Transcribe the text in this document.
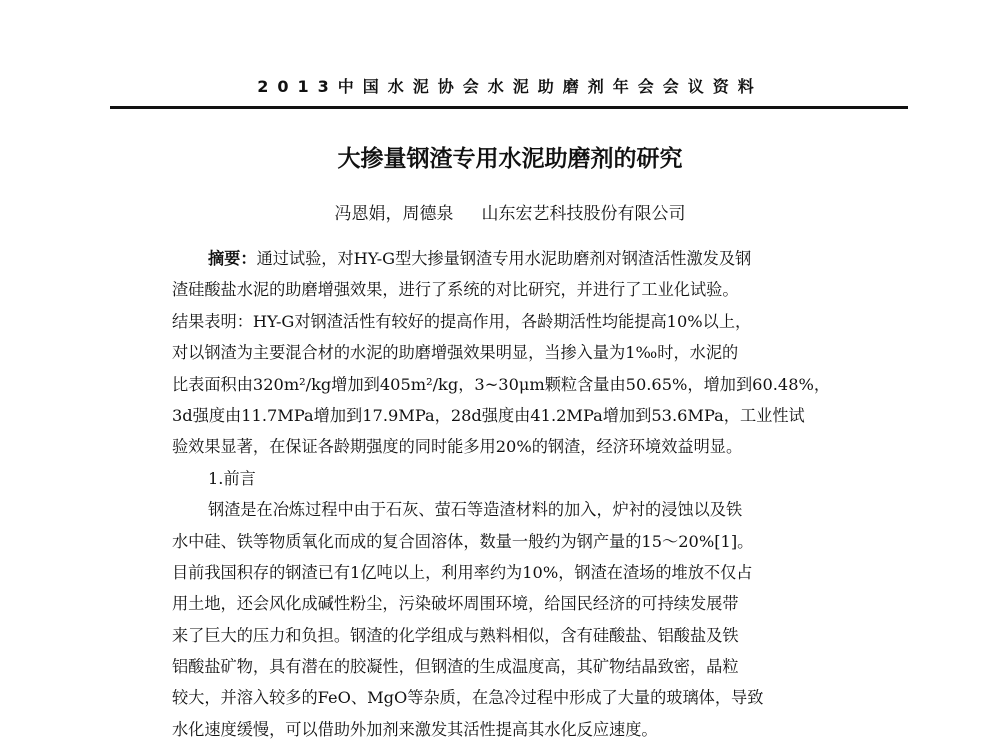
2013中国水泥协会水泥助磨剂年会会议资料
大掺量钢渣专用水泥助磨剂的研究
冯恩娟，周德泉 山东宏艺科技股份有限公司
摘要：通过试验，对HY-G型大掺量钢渣专用水泥助磨剂对钢渣活性激发及钢
渣硅酸盐水泥的助磨增强效果，进行了系统的对比研究，并进行了工业化试验。
结果表明：HY-G对钢渣活性有较好的提高作用，各龄期活性均能提高10%以上，
对以钢渣为主要混合材的水泥的助磨增强效果明显，当掺入量为1‰时，水泥的
比表面积由320m²/kg增加到405m²/kg，3~30μm颗粒含量由50.65%，增加到60.48%，
3d强度由11.7MPa增加到17.9MPa，28d强度由41.2MPa增加到53.6MPa，工业性试
验效果显著，在保证各龄期强度的同时能多用20%的钢渣，经济环境效益明显。
1.前言
钢渣是在冶炼过程中由于石灰、萤石等造渣材料的加入，炉衬的浸蚀以及铁
水中硅、铁等物质氧化而成的复合固溶体，数量一般约为钢产量的15～20%[1]。
目前我国积存的钢渣已有1亿吨以上，利用率约为10%，钢渣在渣场的堆放不仅占
用土地，还会风化成碱性粉尘，污染破坏周围环境，给国民经济的可持续发展带
来了巨大的压力和负担。钢渣的化学组成与熟料相似，含有硅酸盐、铝酸盐及铁
铝酸盐矿物，具有潜在的胶凝性，但钢渣的生成温度高，其矿物结晶致密，晶粒
较大，并溶入较多的FeO、MgO等杂质，在急冷过程中形成了大量的玻璃体，导致
水化速度缓慢，可以借助外加剂来激发其活性提高其水化反应速度。
